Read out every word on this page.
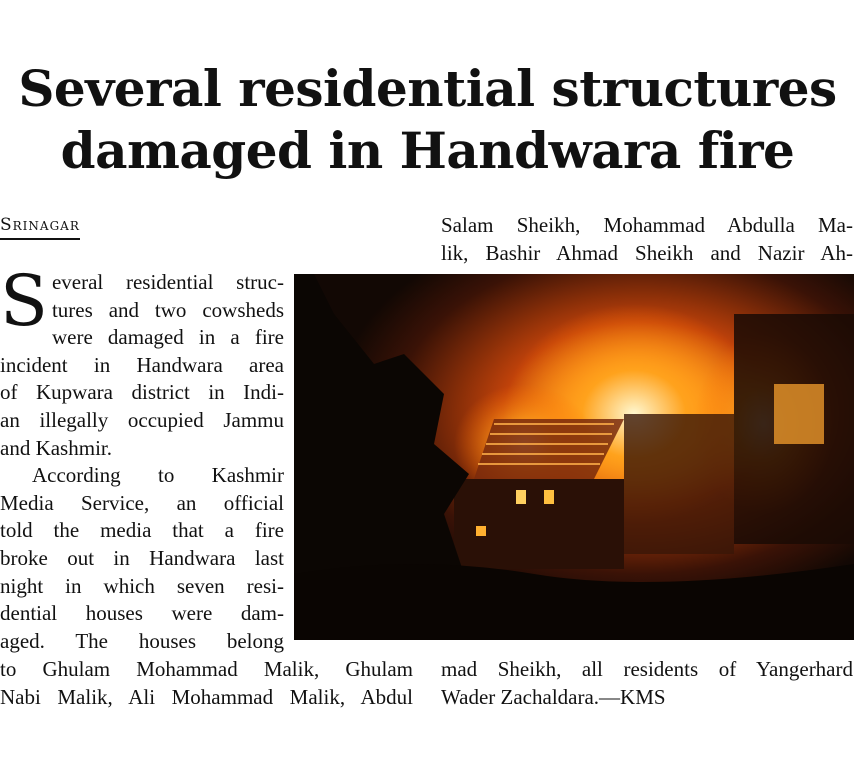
Several residential structures
damaged in Handwara fire
Srinagar

S everal residential struc-
tures and two cowsheds
were damaged in a fire
incident in Handwara area
of Kupwara district in Indi-
an illegally occupied Jammu
and Kashmir.

According to Kashmir
Media Service, an official
told the media that a fire
broke out in Handwara last
night in which seven resi-
dential houses were dam-
aged. The houses belong

to Ghulam Mohammad Malik, Ghulam
Nabi Malik, Ali Mohammad Malik, Abdul
Salam Sheikh, Mohammad Abdulla Ma-
lik, Bashir Ahmad Sheikh and Nazir Ah-
mad Sheikh, all residents of Yangerhard
Wader Zachaldara.—KMS
